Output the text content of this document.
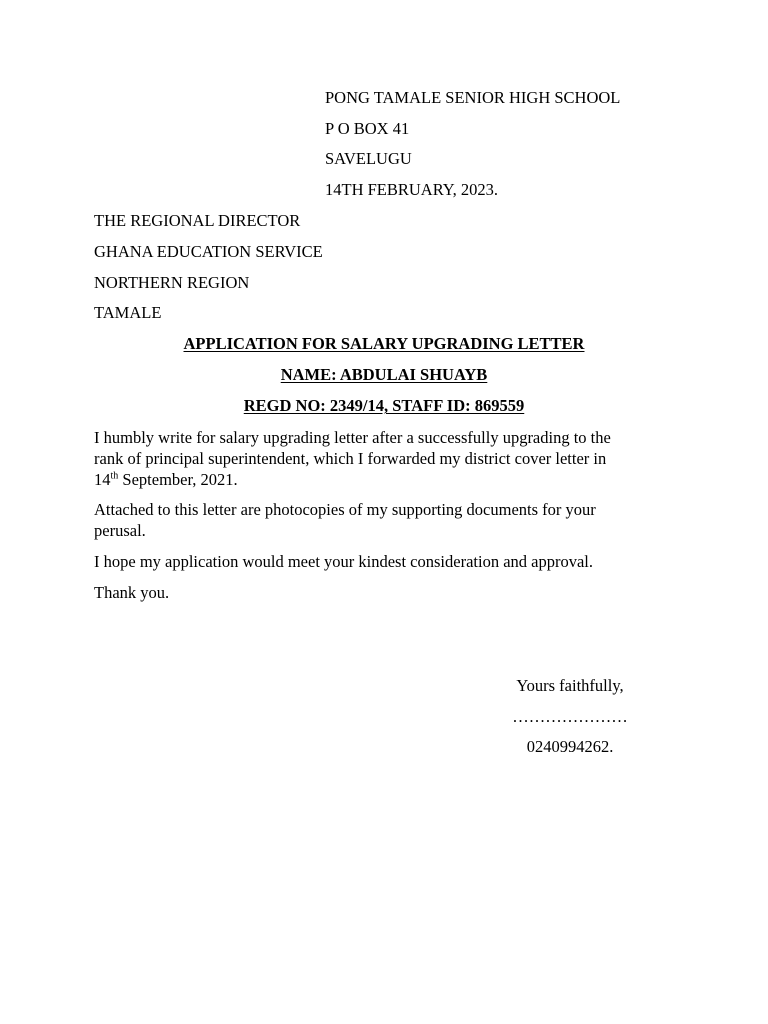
PONG TAMALE SENIOR HIGH SCHOOL
P O BOX 41
SAVELUGU
14TH FEBRUARY, 2023.
THE REGIONAL DIRECTOR
GHANA EDUCATION SERVICE
NORTHERN REGION
TAMALE
APPLICATION FOR SALARY UPGRADING LETTER
NAME: ABDULAI SHUAYB
REGD NO: 2349/14, STAFF ID: 869559

I humbly write for salary upgrading letter after a successfully upgrading to the

rank of principal superintendent, which I forwarded my district cover letter in

14th September, 2021.

Attached to this letter are photocopies of my supporting documents for your

perusal.

I hope my application would meet your kindest consideration and approval.

Thank you.

Yours faithfully,
…………………
0240994262.
